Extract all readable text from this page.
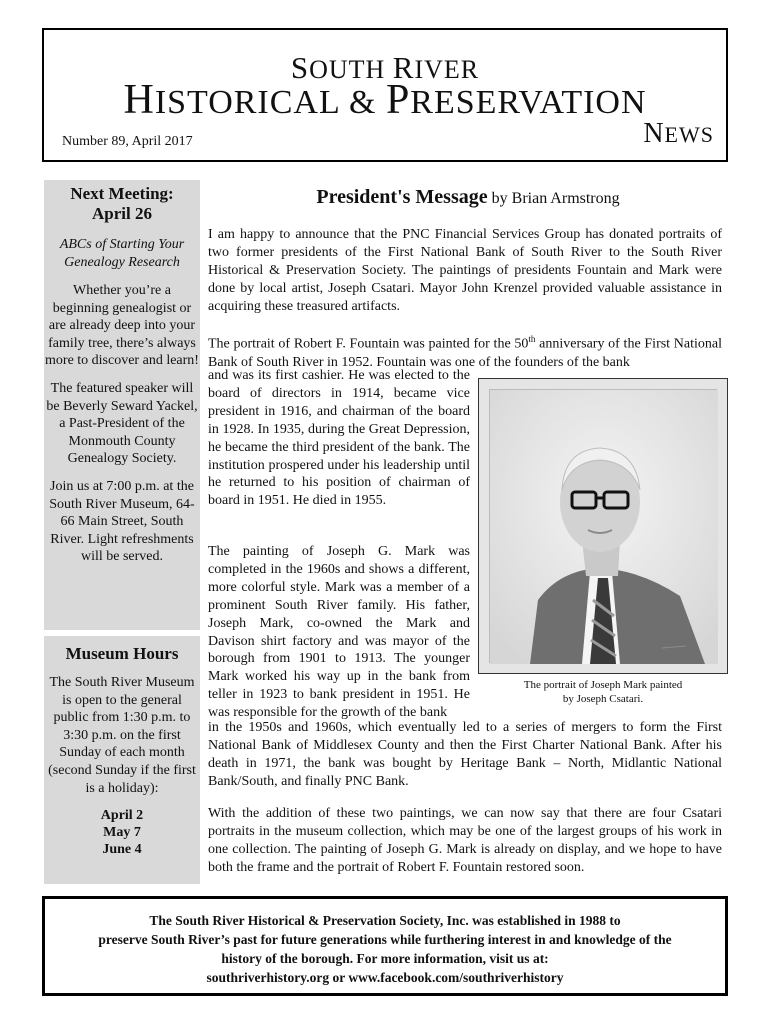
SOUTH RIVER
HISTORICAL & PRESERVATION
Number 89, April 2017	NEWS
Next Meeting:
April 26
ABCs of Starting Your Genealogy Research
Whether you’re a beginning genealogist or are already deep into your family tree, there’s always more to discover and learn!
The featured speaker will be Beverly Seward Yackel, a Past-President of the Monmouth County Genealogy Society.
Join us at 7:00 p.m. at the South River Museum, 64-66 Main Street, South River. Light refreshments will be served.
Museum Hours
The South River Museum is open to the general public from 1:30 p.m. to 3:30 p.m. on the first Sunday of each month (second Sunday if the first is a holiday):
April 2
May 7
June 4
President's Message by Brian Armstrong
I am happy to announce that the PNC Financial Services Group has donated portraits of two former presidents of the First National Bank of South River to the South River Historical & Preservation Society. The paintings of presidents Fountain and Mark were done by local artist, Joseph Csatari. Mayor John Krenzel provided valuable assistance in acquiring these treasured artifacts.
The portrait of Robert F. Fountain was painted for the 50th anniversary of the First National Bank of South River in 1952. Fountain was one of the founders of the bank
and was its first cashier. He was elected to the board of directors in 1914, became vice president in 1916, and chairman of the board in 1928. In 1935, during the Great Depression, he became the third president of the bank. The institution prospered under his leadership until he returned to his position of chairman of board in 1951. He died in 1955.
The painting of Joseph G. Mark was completed in the 1960s and shows a different, more colorful style. Mark was a member of a prominent South River family. His father, Joseph Mark, co-owned the Mark and Davison shirt factory and was mayor of the borough from 1901 to 1913. The younger Mark worked his way up in the bank from teller in 1923 to bank president in 1951. He was responsible for the growth of the bank
in the 1950s and 1960s, which eventually led to a series of mergers to form the First National Bank of Middlesex County and then the First Charter National Bank. After his death in 1971, the bank was bought by Heritage Bank – North, Midlantic National Bank/South, and finally PNC Bank.
With the addition of these two paintings, we can now say that there are four Csatari portraits in the museum collection, which may be one of the largest groups of his work in one collection. The painting of Joseph G. Mark is already on display, and we hope to have both the frame and the portrait of Robert F. Fountain restored soon.
The portrait of Joseph Mark painted
by Joseph Csatari.

The South River Historical & Preservation Society, Inc. was established in 1988 to

preserve South River’s past for future generations while furthering interest in and knowledge of the

history of the borough. For more information, visit us at:

southriverhistory.org or www.facebook.com/southriverhistory
